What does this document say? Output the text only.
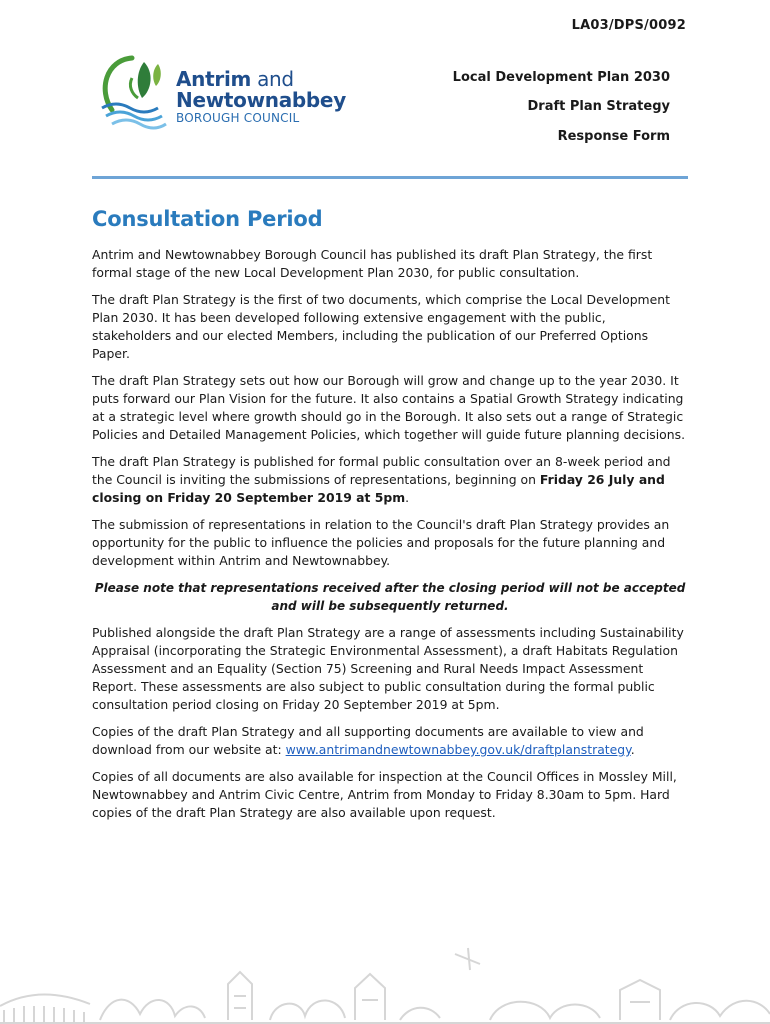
LA03/DPS/0092
Antrim and
Newtownabbey
BOROUGH COUNCIL
Local Development Plan 2030
Draft Plan Strategy
Response Form
Consultation Period

Antrim and Newtownabbey Borough Council has published its draft Plan Strategy, the first formal stage of the new Local Development Plan 2030, for public consultation.

The draft Plan Strategy is the first of two documents, which comprise the Local Development Plan 2030. It has been developed following extensive engagement with the public, stakeholders and our elected Members, including the publication of our Preferred Options Paper.

The draft Plan Strategy sets out how our Borough will grow and change up to the year 2030. It puts forward our Plan Vision for the future. It also contains a Spatial Growth Strategy indicating at a strategic level where growth should go in the Borough. It also sets out a range of Strategic Policies and Detailed Management Policies, which together will guide future planning decisions.

The draft Plan Strategy is published for formal public consultation over an 8-week period and the Council is inviting the submissions of representations, beginning on Friday 26 July and closing on Friday 20 September 2019 at 5pm.

The submission of representations in relation to the Council's draft Plan Strategy provides an opportunity for the public to influence the policies and proposals for the future planning and development within Antrim and Newtownabbey.

Please note that representations received after the closing period will not be accepted and will be subsequently returned.

Published alongside the draft Plan Strategy are a range of assessments including Sustainability Appraisal (incorporating the Strategic Environmental Assessment), a draft Habitats Regulation Assessment and an Equality (Section 75) Screening and Rural Needs Impact Assessment Report. These assessments are also subject to public consultation during the formal public consultation period closing on Friday 20 September 2019 at 5pm.

Copies of the draft Plan Strategy and all supporting documents are available to view and download from our website at: www.antrimandnewtownabbey.gov.uk/draftplanstrategy.

Copies of all documents are also available for inspection at the Council Offices in Mossley Mill, Newtownabbey and Antrim Civic Centre, Antrim from Monday to Friday 8.30am to 5pm. Hard copies of the draft Plan Strategy are also available upon request.
